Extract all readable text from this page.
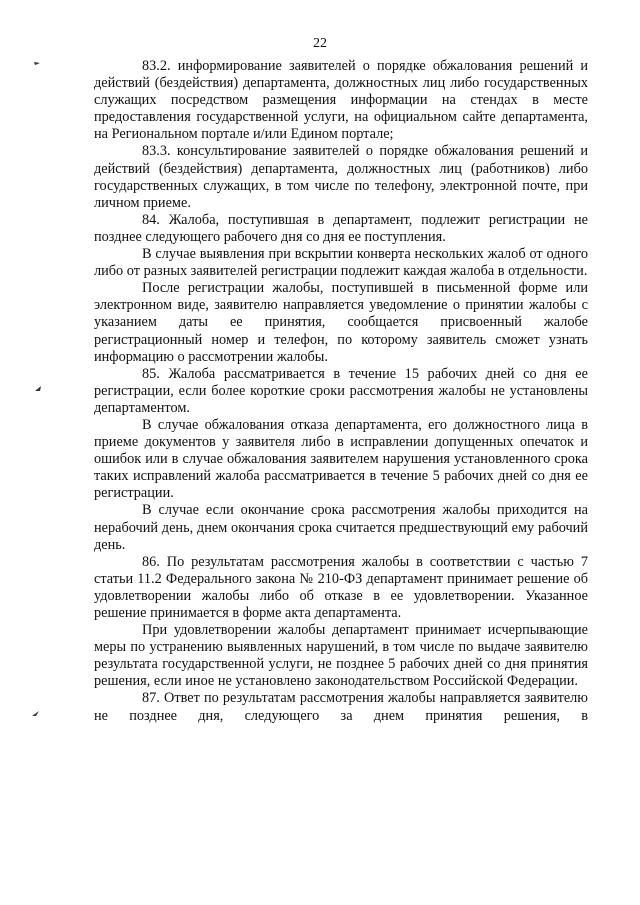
22

83.2. информирование заявителей о порядке обжалования решений и действий (бездействия) департамента, должностных лиц либо государственных служащих посредством размещения информации на стендах в месте предоставления государственной услуги, на официальном сайте департамента, на Региональном портале и/или Едином портале;

83.3. консультирование заявителей о порядке обжалования решений и действий (бездействия) департамента, должностных лиц (работников) либо государственных служащих, в том числе по телефону, электронной почте, при личном приеме.

84. Жалоба, поступившая в департамент, подлежит регистрации не позднее следующего рабочего дня со дня ее поступления.

В случае выявления при вскрытии конверта нескольких жалоб от одного либо от разных заявителей регистрации подлежит каждая жалоба в отдельности.

После регистрации жалобы, поступившей в письменной форме или электронном виде, заявителю направляется уведомление о принятии жалобы с указанием даты ее принятия, сообщается присвоенный жалобе регистрационный номер и телефон, по которому заявитель сможет узнать информацию о рассмотрении жалобы.

85. Жалоба рассматривается в течение 15 рабочих дней со дня ее регистрации, если более короткие сроки рассмотрения жалобы не установлены департаментом.

В случае обжалования отказа департамента, его должностного лица в приеме документов у заявителя либо в исправлении допущенных опечаток и ошибок или в случае обжалования заявителем нарушения установленного срока таких исправлений жалоба рассматривается в течение 5 рабочих дней со дня ее регистрации.

В случае если окончание срока рассмотрения жалобы приходится на нерабочий день, днем окончания срока считается предшествующий ему рабочий день.

86. По результатам рассмотрения жалобы в соответствии с частью 7 статьи 11.2 Федерального закона № 210-ФЗ департамент принимает решение об удовлетворении жалобы либо об отказе в ее удовлетворении. Указанное решение принимается в форме акта департамента.

При удовлетворении жалобы департамент принимает исчерпывающие меры по устранению выявленных нарушений, в том числе по выдаче заявителю результата государственной услуги, не позднее 5 рабочих дней со дня принятия решения, если иное не установлено законодательством Российской Федерации.

87. Ответ по результатам рассмотрения жалобы направляется заявителю не позднее дня, следующего за днем принятия решения, в
